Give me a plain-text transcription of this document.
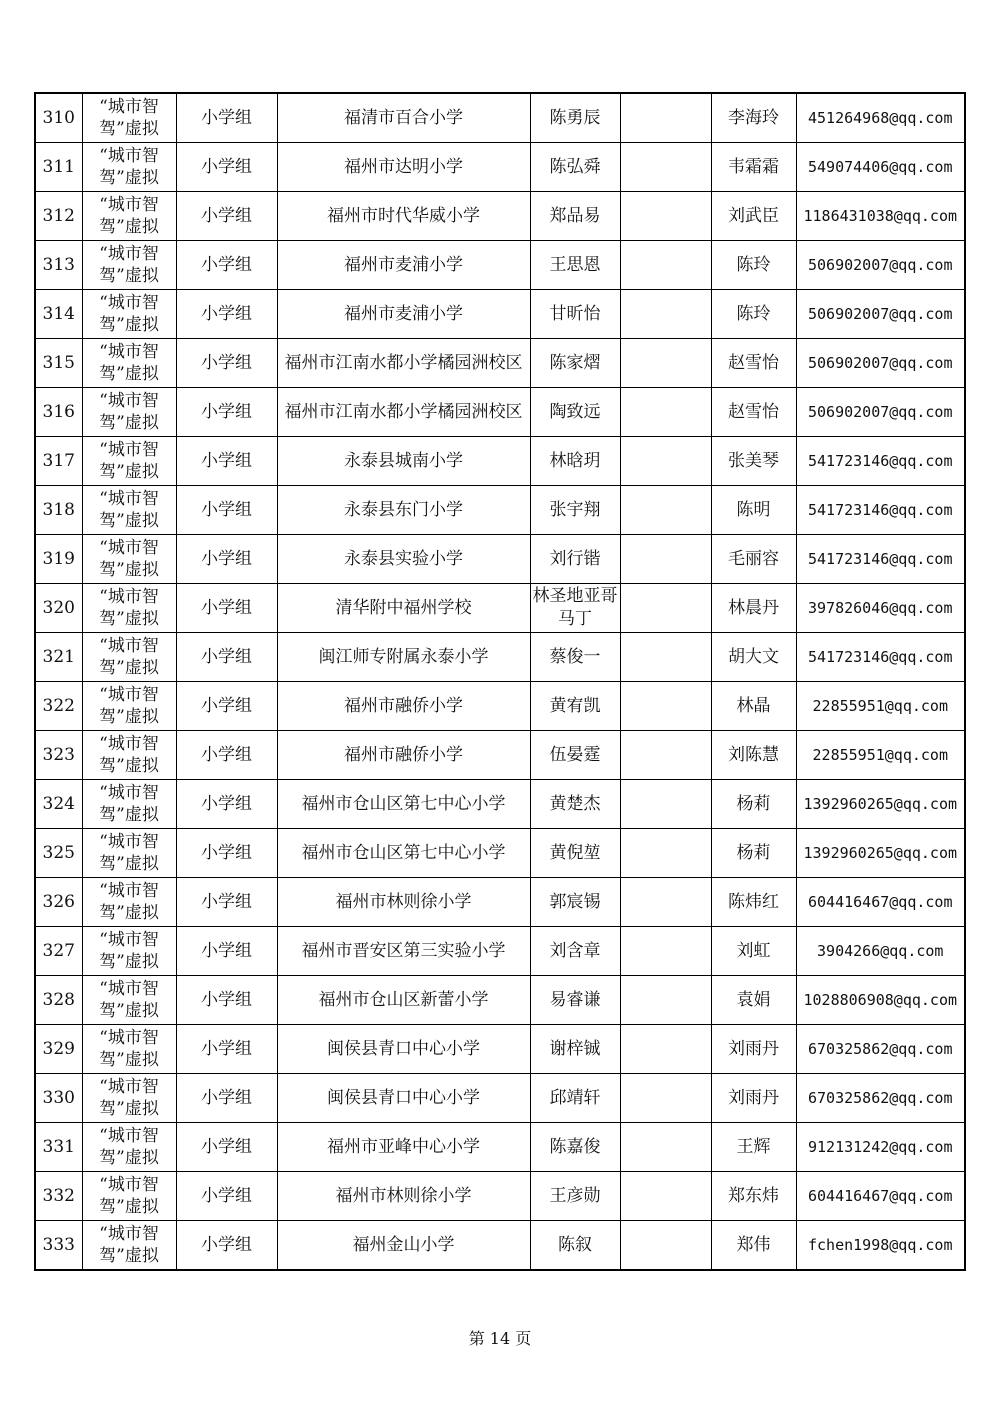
310	“城市智驾”虚拟	小学组	福清市百合小学	陈勇辰		李海玲	451264968@qq.com
311	“城市智驾”虚拟	小学组	福州市达明小学	陈弘舜		韦霜霜	549074406@qq.com
312	“城市智驾”虚拟	小学组	福州市时代华威小学	郑品易		刘武臣	1186431038@qq.com
313	“城市智驾”虚拟	小学组	福州市麦浦小学	王思恩		陈玲	506902007@qq.com
314	“城市智驾”虚拟	小学组	福州市麦浦小学	甘昕怡		陈玲	506902007@qq.com
315	“城市智驾”虚拟	小学组	福州市江南水都小学橘园洲校区	陈家熠		赵雪怡	506902007@qq.com
316	“城市智驾”虚拟	小学组	福州市江南水都小学橘园洲校区	陶致远		赵雪怡	506902007@qq.com
317	“城市智驾”虚拟	小学组	永泰县城南小学	林晗玥		张美琴	541723146@qq.com
318	“城市智驾”虚拟	小学组	永泰县东门小学	张宇翔		陈明	541723146@qq.com
319	“城市智驾”虚拟	小学组	永泰县实验小学	刘行锴		毛丽容	541723146@qq.com
320	“城市智驾”虚拟	小学组	清华附中福州学校	林圣地亚哥马丁		林晨丹	397826046@qq.com
321	“城市智驾”虚拟	小学组	闽江师专附属永泰小学	蔡俊一		胡大文	541723146@qq.com
322	“城市智驾”虚拟	小学组	福州市融侨小学	黄宥凯		林晶	22855951@qq.com
323	“城市智驾”虚拟	小学组	福州市融侨小学	伍晏霆		刘陈慧	22855951@qq.com
324	“城市智驾”虚拟	小学组	福州市仓山区第七中心小学	黄楚杰		杨莉	1392960265@qq.com
325	“城市智驾”虚拟	小学组	福州市仓山区第七中心小学	黄倪堃		杨莉	1392960265@qq.com
326	“城市智驾”虚拟	小学组	福州市林则徐小学	郭宸锡		陈炜红	604416467@qq.com
327	“城市智驾”虚拟	小学组	福州市晋安区第三实验小学	刘含章		刘虹	3904266@qq.com
328	“城市智驾”虚拟	小学组	福州市仓山区新蕾小学	易睿谦		袁娟	1028806908@qq.com
329	“城市智驾”虚拟	小学组	闽侯县青口中心小学	谢梓铖		刘雨丹	670325862@qq.com
330	“城市智驾”虚拟	小学组	闽侯县青口中心小学	邱靖轩		刘雨丹	670325862@qq.com
331	“城市智驾”虚拟	小学组	福州市亚峰中心小学	陈嘉俊		王辉	912131242@qq.com
332	“城市智驾”虚拟	小学组	福州市林则徐小学	王彦勋		郑东炜	604416467@qq.com
333	“城市智驾”虚拟	小学组	福州金山小学	陈叙		郑伟	fchen1998@qq.com
第 14 页
